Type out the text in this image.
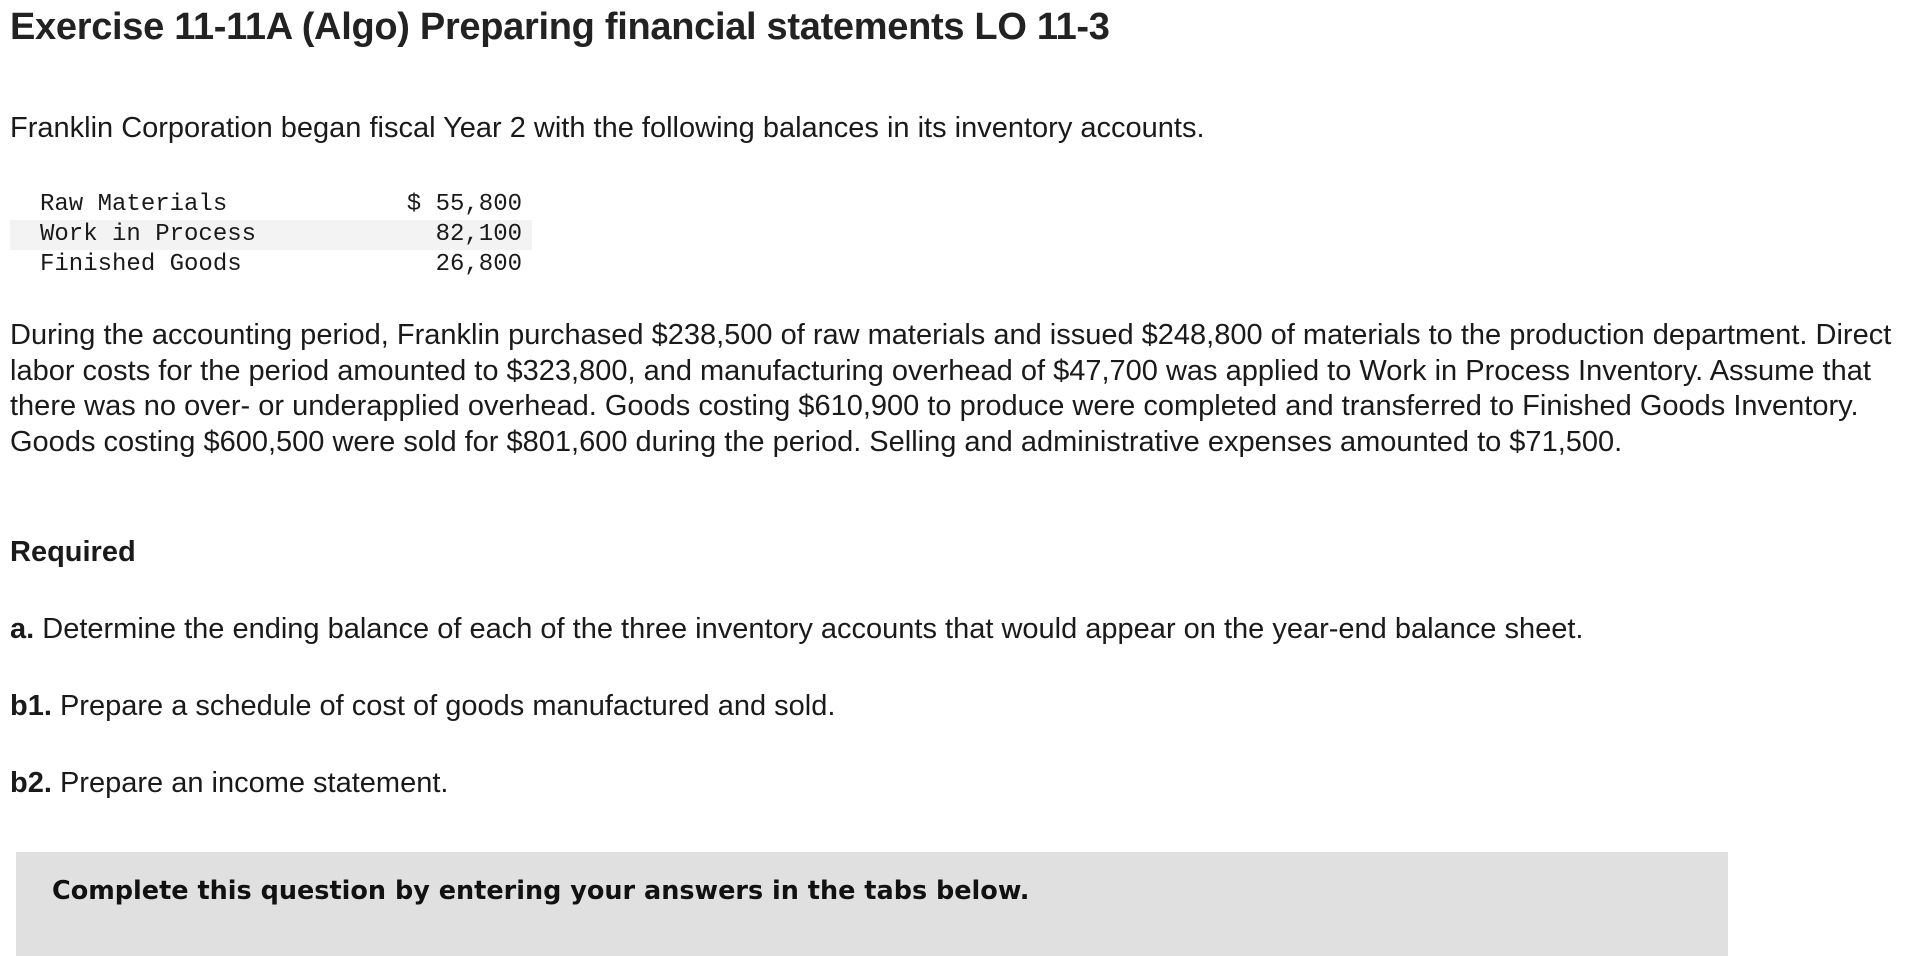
Exercise 11-11A (Algo) Preparing financial statements LO 11-3
Franklin Corporation began fiscal Year 2 with the following balances in its inventory accounts.
Raw Materials	$ 55,800
Work in Process	82,100
Finished Goods	26,800
During the accounting period, Franklin purchased $238,500 of raw materials and issued $248,800 of materials to the production department. Direct labor costs for the period amounted to $323,800, and manufacturing overhead of $47,700 was applied to Work in Process Inventory. Assume that there was no over- or underapplied overhead. Goods costing $610,900 to produce were completed and transferred to Finished Goods Inventory. Goods costing $600,500 were sold for $801,600 during the period. Selling and administrative expenses amounted to $71,500.
Required
a. Determine the ending balance of each of the three inventory accounts that would appear on the year-end balance sheet.
b1. Prepare a schedule of cost of goods manufactured and sold.
b2. Prepare an income statement.
Complete this question by entering your answers in the tabs below.
